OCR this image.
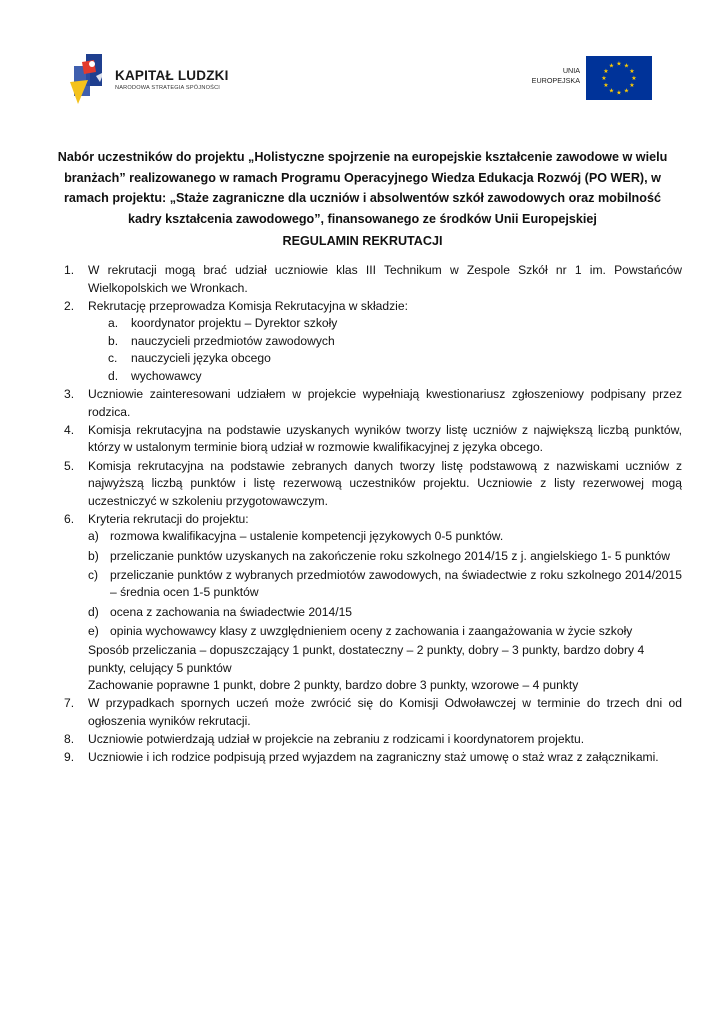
KAPITAŁ LUDZKI
NARODOWA STRATEGIA SPÓJNOŚCI
UNIA
EUROPEJSKA
★ ★
★
★
★
★
★
★
★
★
★
★
Nabór uczestników do projektu „Holistyczne spojrzenie na europejskie kształcenie zawodowe w wielu
branżach” realizowanego w ramach Programu Operacyjnego Wiedza Edukacja Rozwój (PO WER), w
ramach projektu: „Staże zagraniczne dla uczniów i absolwentów szkół zawodowych oraz mobilność
kadry kształcenia zawodowego”, finansowanego ze środków Unii Europejskiej
REGULAMIN REKRUTACJI
1. W rekrutacji mogą brać udział uczniowie klas III Technikum w Zespole Szkół nr 1 im. Powstańców Wielkopolskich we Wronkach.
2. Rekrutację przeprowadza Komisja Rekrutacyjna w składzie:
a. koordynator projektu – Dyrektor szkoły
b. nauczycieli przedmiotów zawodowych
c. nauczycieli języka obcego
d. wychowawcy
3. Uczniowie zainteresowani udziałem w projekcie wypełniają kwestionariusz zgłoszeniowy podpisany przez rodzica.
4. Komisja rekrutacyjna na podstawie uzyskanych wyników tworzy listę uczniów z największą liczbą punktów, którzy w ustalonym terminie biorą udział w rozmowie kwalifikacyjnej z języka obcego.
5. Komisja rekrutacyjna na podstawie zebranych danych tworzy listę podstawową z nazwiskami uczniów z najwyższą liczbą punktów i listę rezerwową uczestników projektu. Uczniowie z listy rezerwowej mogą uczestniczyć w szkoleniu przygotowawczym.
6. Kryteria rekrutacji do projektu:
a) rozmowa kwalifikacyjna – ustalenie kompetencji językowych 0-5 punktów.
b) przeliczanie punktów uzyskanych na zakończenie roku szkolnego 2014/15 z j. angielskiego 1- 5 punktów
c) przeliczanie punktów z wybranych przedmiotów zawodowych, na świadectwie z roku szkolnego 2014/2015 – średnia ocen 1-5 punktów
d) ocena z zachowania na świadectwie 2014/15
e) opinia wychowawcy klasy z uwzględnieniem oceny z zachowania i zaangażowania w życie szkoły
Sposób przeliczania – dopuszczający 1 punkt, dostateczny – 2 punkty, dobry – 3 punkty, bardzo dobry 4 punkty, celujący 5 punktów
Zachowanie poprawne 1 punkt, dobre 2 punkty, bardzo dobre 3 punkty, wzorowe – 4 punkty
7. W przypadkach spornych uczeń może zwrócić się do Komisji Odwoławczej w terminie do trzech dni od ogłoszenia wyników rekrutacji.
8. Uczniowie potwierdzają udział w projekcie na zebraniu z rodzicami i koordynatorem projektu.
9. Uczniowie i ich rodzice podpisują przed wyjazdem na zagraniczny staż umowę o staż wraz z załącznikami.
